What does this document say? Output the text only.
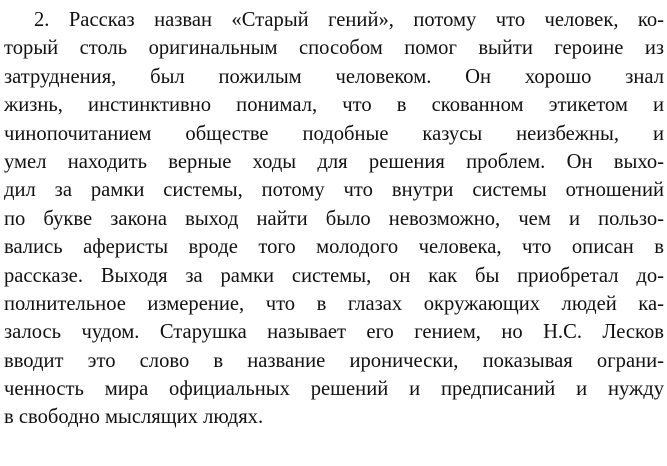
2. Рассказ назван «Старый гений», потому что человек, ко-
торый столь оригинальным способом помог выйти героине из
затруднения, был пожилым человеком. Он хорошо знал
жизнь, инстинктивно понимал, что в скованном этикетом и
чинопочитанием обществе подобные казусы неизбежны, и
умел находить верные ходы для решения проблем. Он выхо-
дил за рамки системы, потому что внутри системы отношений
по букве закона выход найти было невозможно, чем и пользо-
вались аферисты вроде того молодого человека, что описан в
рассказе. Выходя за рамки системы, он как бы приобретал до-
полнительное измерение, что в глазах окружающих людей ка-
залось чудом. Старушка называет его гением, но Н.С. Лесков
вводит это слово в название иронически, показывая ограни-
ченность мира официальных решений и предписаний и нужду
в свободно мыслящих людях.
